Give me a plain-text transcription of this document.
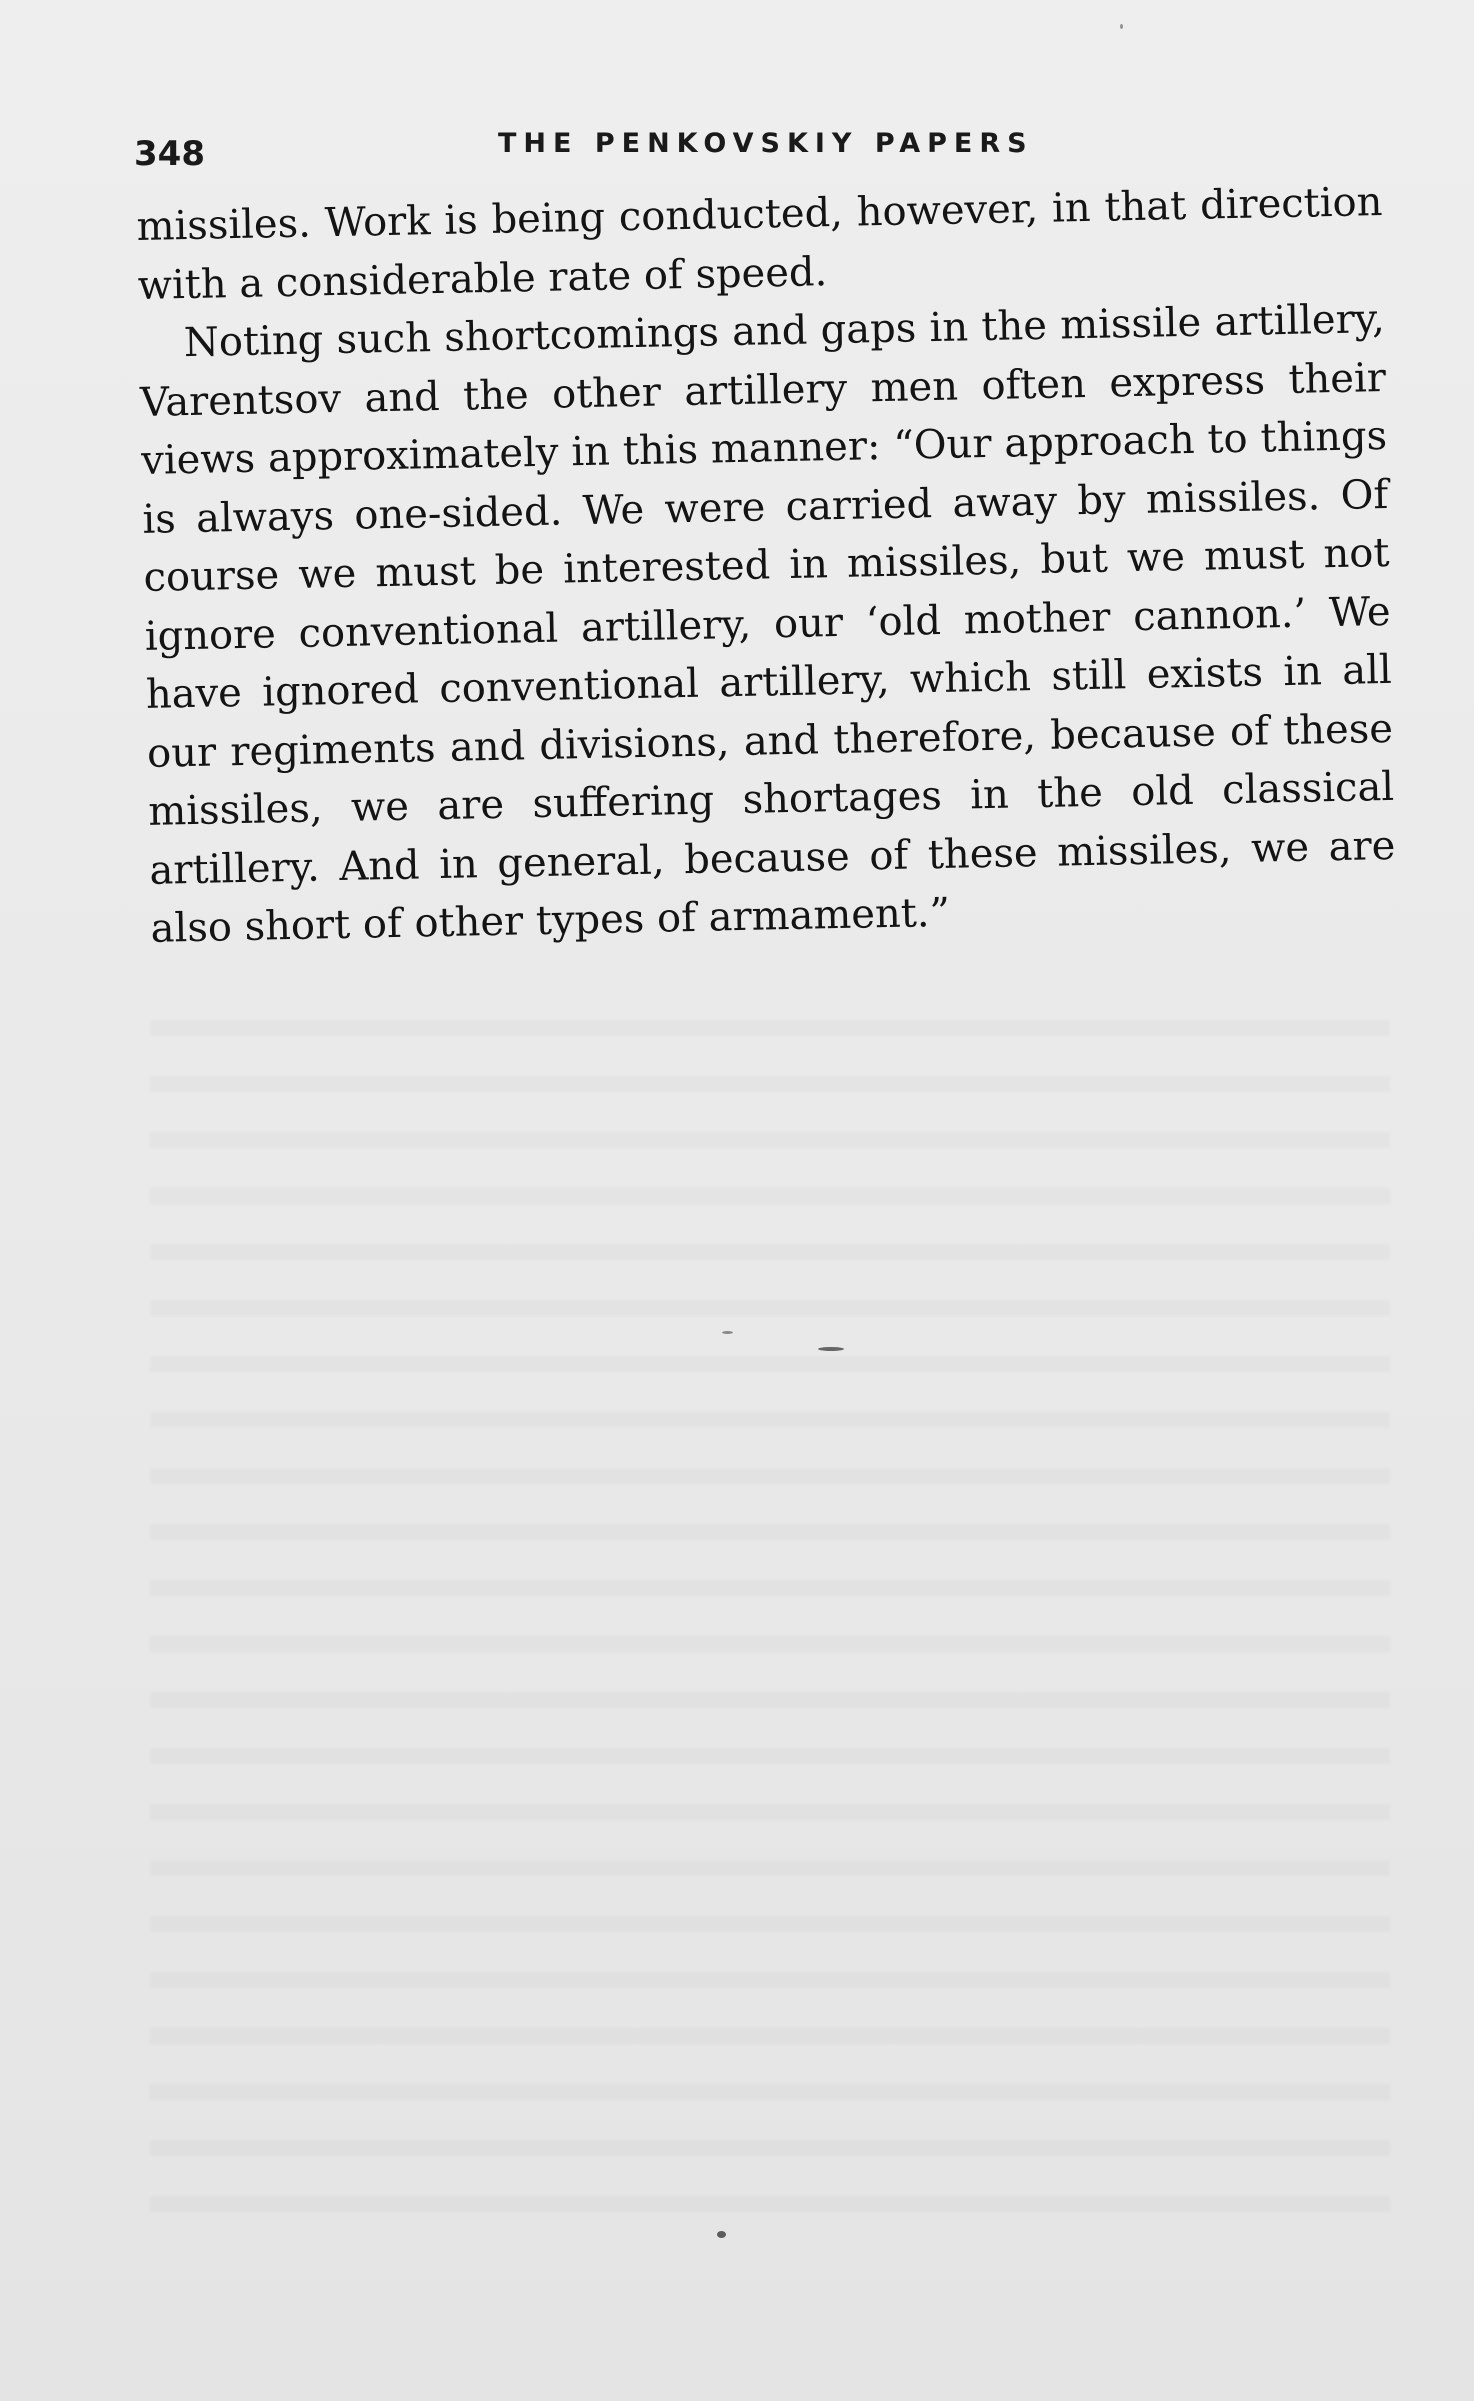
348	THE PENKOVSKIY PAPERS

missiles. Work is being conducted, however, in that direction with a considerable rate of speed.

Noting such shortcomings and gaps in the missile artillery, Varentsov and the other artillery men often express their views approximately in this manner: “Our approach to things is always one-sided. We were carried away by missiles. Of course we must be interested in missiles, but we must not ignore conventional artillery, our ‘old mother cannon.’ We have ignored conventional artillery, which still exists in all our regiments and divisions, and therefore, because of these missiles, we are suffering shortages in the old classical artillery. And in general, because of these missiles, we are also short of other types of armament.”
